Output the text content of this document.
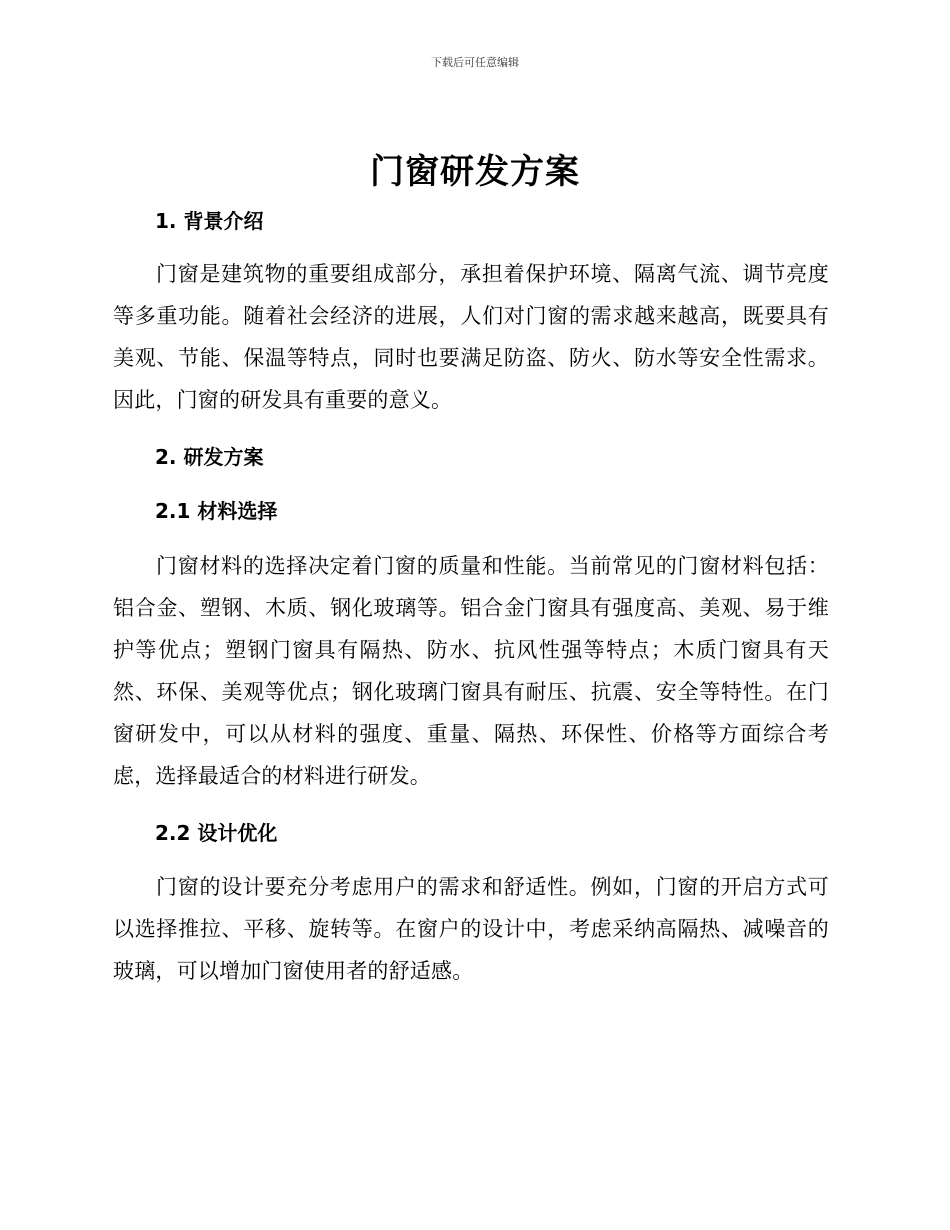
下载后可任意编辑
门窗研发方案
1. 背景介绍
门窗是建筑物的重要组成部分，承担着保护环境、隔离气流、调节亮度等多重功能。随着社会经济的进展，人们对门窗的需求越来越高，既要具有美观、节能、保温等特点，同时也要满足防盗、防火、防水等安全性需求。因此，门窗的研发具有重要的意义。
2. 研发方案
2.1 材料选择
门窗材料的选择决定着门窗的质量和性能。当前常见的门窗材料包括：铝合金、塑钢、木质、钢化玻璃等。铝合金门窗具有强度高、美观、易于维护等优点；塑钢门窗具有隔热、防水、抗风性强等特点；木质门窗具有天然、环保、美观等优点；钢化玻璃门窗具有耐压、抗震、安全等特性。在门窗研发中，可以从材料的强度、重量、隔热、环保性、价格等方面综合考虑，选择最适合的材料进行研发。
2.2 设计优化
门窗的设计要充分考虑用户的需求和舒适性。例如，门窗的开启方式可以选择推拉、平移、旋转等。在窗户的设计中，考虑采纳高隔热、减噪音的玻璃，可以增加门窗使用者的舒适感。
